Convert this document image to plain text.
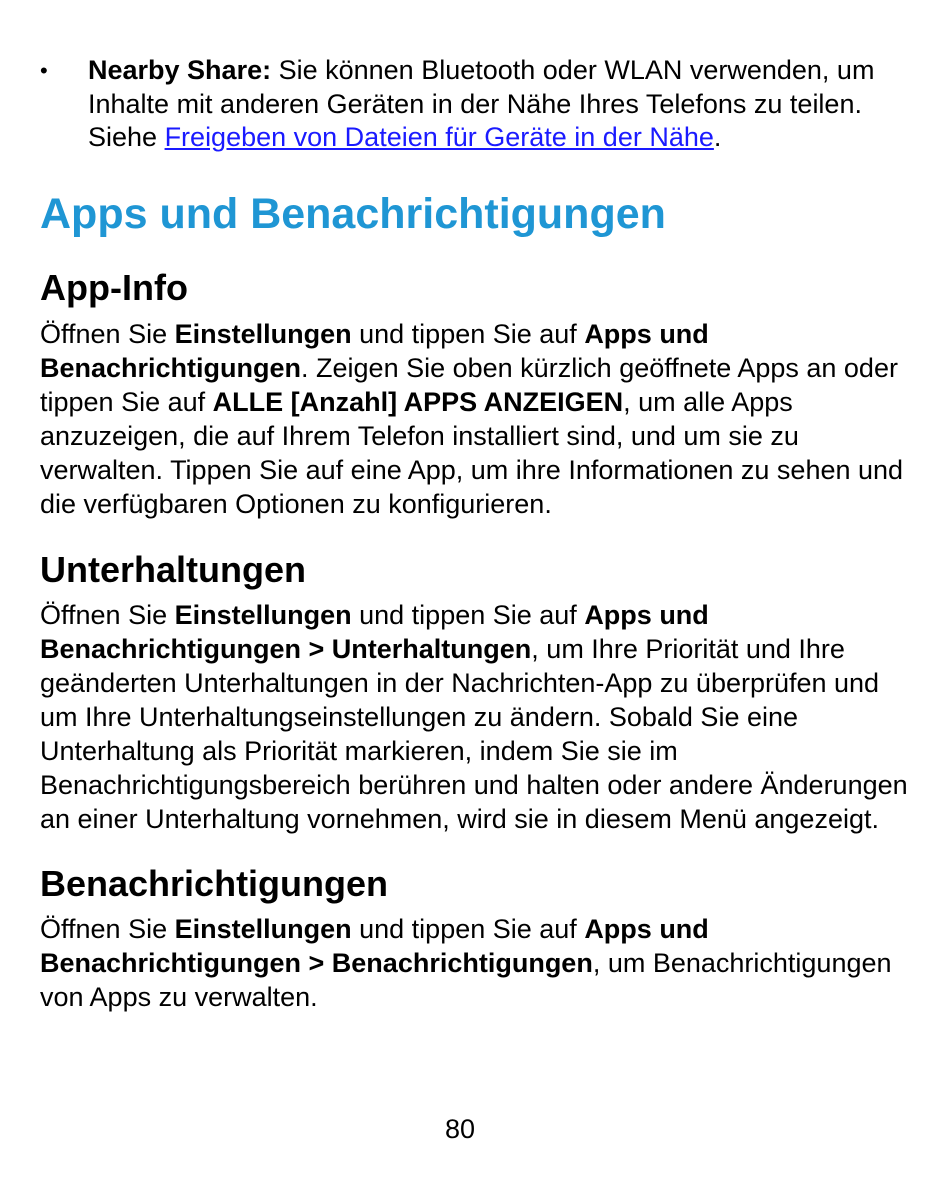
•	Nearby Share: Sie können Bluetooth oder WLAN verwenden, um Inhalte mit anderen Geräten in der Nähe Ihres Telefons zu teilen. Siehe Freigeben von Dateien für Geräte in der Nähe.
Apps und Benachrichtigungen
App-Info

Öffnen Sie Einstellungen und tippen Sie auf Apps und Benachrichtigungen. Zeigen Sie oben kürzlich geöffnete Apps an oder tippen Sie auf ALLE [Anzahl] APPS ANZEIGEN, um alle Apps anzuzeigen, die auf Ihrem Telefon installiert sind, und um sie zu verwalten. Tippen Sie auf eine App, um ihre Informationen zu sehen und die verfügbaren Optionen zu konfigurieren.

Unterhaltungen

Öffnen Sie Einstellungen und tippen Sie auf Apps und Benachrichtigungen > Unterhaltungen, um Ihre Priorität und Ihre geänderten Unterhaltungen in der Nachrichten-App zu überprüfen und um Ihre Unterhaltungseinstellungen zu ändern. Sobald Sie eine Unterhaltung als Priorität markieren, indem Sie sie im Benachrichtigungsbereich berühren und halten oder andere Änderungen an einer Unterhaltung vornehmen, wird sie in diesem Menü angezeigt.

Benachrichtigungen

Öffnen Sie Einstellungen und tippen Sie auf Apps und Benachrichtigungen > Benachrichtigungen, um Benachrichtigungen von Apps zu verwalten.

80
